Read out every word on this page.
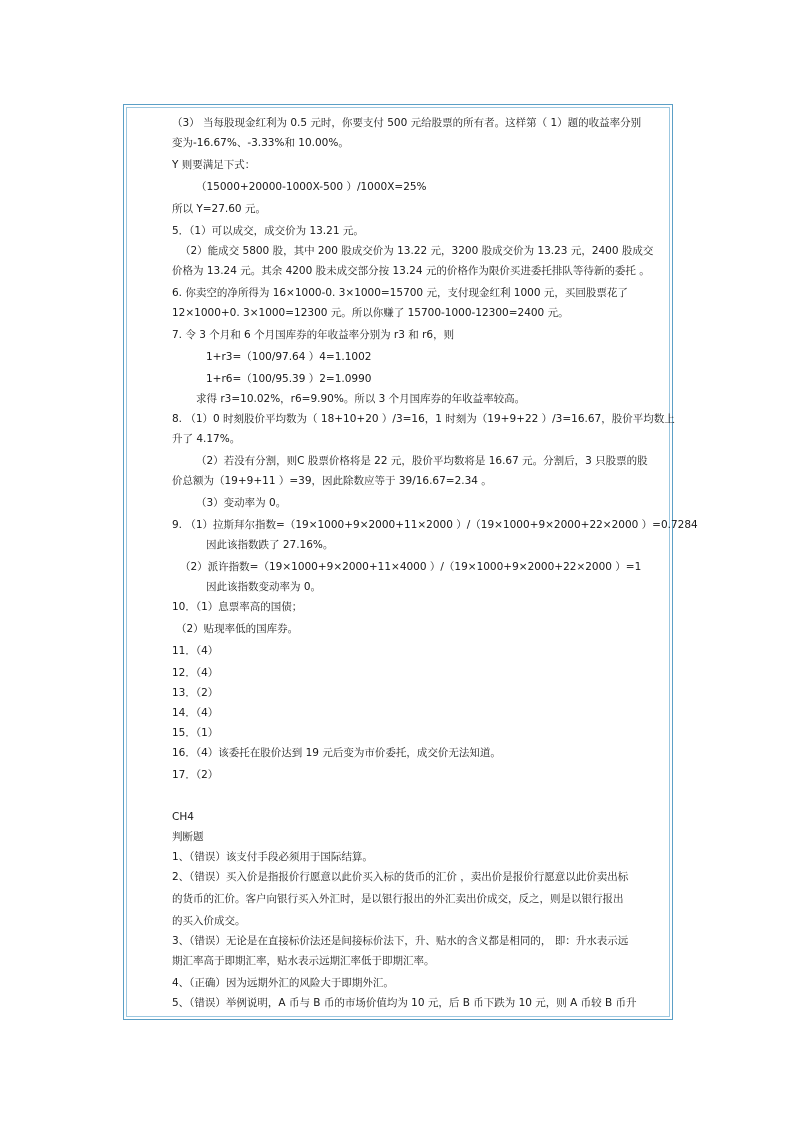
（3） 当每股现金红利为 0.5 元时，你要支付 500 元给股票的所有者。这样第（ 1）题的收益率分别
变为-16.67%、-3.33%和 10.00%。
Y 则要满足下式：
（15000+20000-1000X-500 ）/1000X=25%
所以 Y=27.60 元。
5．（1）可以成交，成交价为 13.21 元。
（2）能成交 5800 股，其中 200 股成交价为 13.22 元，3200 股成交价为 13.23 元，2400 股成交
价格为 13.24 元。其余 4200 股未成交部分按 13.24 元的价格作为限价买进委托排队等待新的委托 。
6. 你卖空的净所得为 16×1000-0. 3×1000=15700 元，支付现金红利 1000 元，买回股票花了
12×1000+0. 3×1000=12300 元。所以你赚了 15700-1000-12300=2400 元。
7. 令 3 个月和 6 个月国库券的年收益率分别为 r3 和 r6，则
1+r3=（100/97.64 ）4=1.1002
1+r6=（100/95.39 ）2=1.0990
求得 r3=10.02%，r6=9.90%。所以 3 个月国库券的年收益率较高。
8. （1）0 时刻股价平均数为（ 18+10+20 ）/3=16，1 时刻为（19+9+22 ）/3=16.67，股价平均数上
升了 4.17%。
（2）若没有分割，则C 股票价格将是 22 元，股价平均数将是 16.67 元。分割后，3 只股票的股
价总额为（19+9+11 ）=39，因此除数应等于 39/16.67=2.34 。
（3）变动率为 0。
9. （1）拉斯拜尔指数=（19×1000+9×2000+11×2000 ）/（19×1000+9×2000+22×2000 ）=0.7284
因此该指数跌了 27.16%。
（2）派许指数=（19×1000+9×2000+11×4000 ）/（19×1000+9×2000+22×2000 ）=1
因此该指数变动率为 0。
10．（1）息票率高的国债；
（2）贴现率低的国库券。
11．（4）
12．（4）
13．（2）
14．（4）
15．（1）
16．（4）该委托在股价达到 19 元后变为市价委托，成交价无法知道。
17．（2）
CH4
判断题
1、（错误）该支付手段必须用于国际结算。
2、（错误）买入价是指报价行愿意以此价买入标的货币的汇价 ，卖出价是报价行愿意以此价卖出标
的货币的汇价。客户向银行买入外汇时，是以银行报出的外汇卖出价成交，反之，则是以银行报出
的买入价成交。
3、（错误）无论是在直接标价法还是间接标价法下，升、贴水的含义都是相同的， 即：升水表示远
期汇率高于即期汇率，贴水表示远期汇率低于即期汇率。
4、（正确）因为远期外汇的风险大于即期外汇。
5、（错误）举例说明，A 币与 B 币的市场价值均为 10 元，后 B 币下跌为 10 元，则 A 币较 B 币升
